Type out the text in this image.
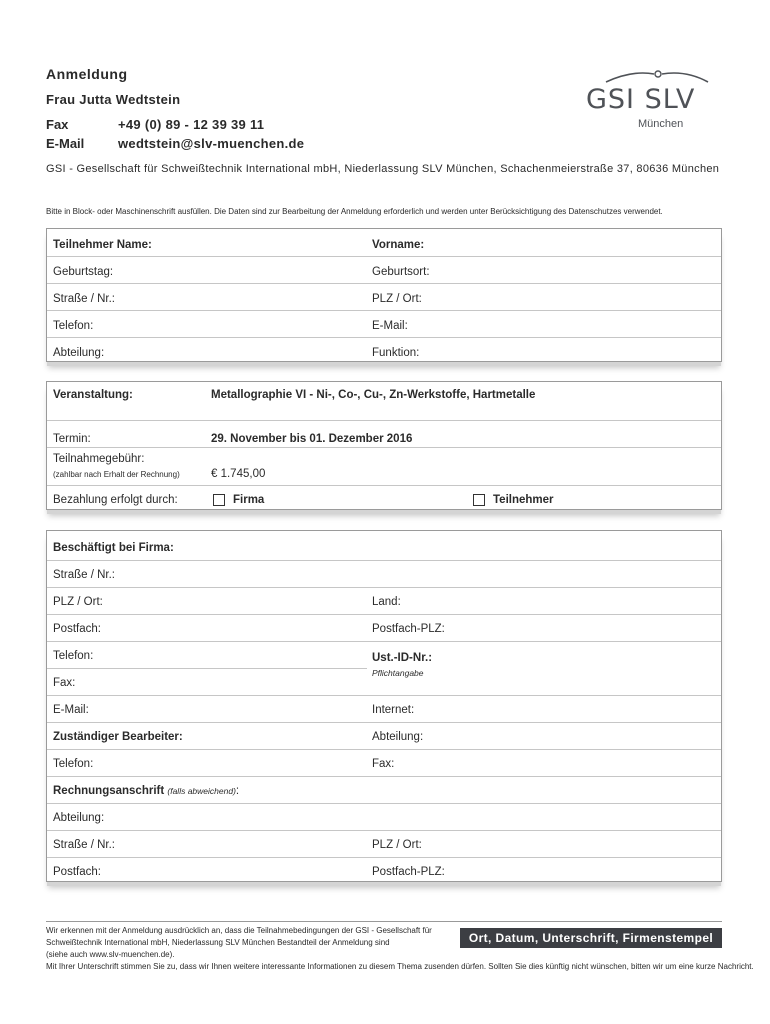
Anmeldung
Frau Jutta Wedtstein
Fax	+49 (0) 89 - 12 39 39 11
E-Mail	wedtstein@slv-muenchen.de
GSI - Gesellschaft für Schweißtechnik International mbH, Niederlassung SLV München, Schachenmeierstraße 37, 80636 München
Bitte in Block- oder Maschinenschrift ausfüllen. Die Daten sind zur Bearbeitung der Anmeldung erforderlich und werden unter Berücksichtigung des Datenschutzes verwendet.
GSI SLV
München
Teilnehmer Name:	Vorname:
Geburtstag:	Geburtsort:
Straße / Nr.:	PLZ / Ort:
Telefon:	E-Mail:
Abteilung:	Funktion:
Veranstaltung:	Metallographie VI - Ni-, Co-, Cu-, Zn-Werkstoffe, Hartmetalle
Termin:	29. November bis 01. Dezember 2016
Teilnahmegebühr:
(zahlbar nach Erhalt der Rechnung)	€ 1.745,00
Bezahlung erfolgt durch:	Firma	Teilnehmer
Beschäftigt bei Firma:
Straße / Nr.:
PLZ / Ort:	Land:
Postfach:	Postfach-PLZ:
Telefon:	Ust.-ID-Nr.:
Pflichtangabe
Fax:
E-Mail:	Internet:
Zuständiger Bearbeiter:	Abteilung:
Telefon:	Fax:
Rechnungsanschrift (falls abweichend):
Abteilung:
Straße / Nr.:	PLZ / Ort:
Postfach:	Postfach-PLZ:
Wir erkennen mit der Anmeldung ausdrücklich an, dass die Teilnahmebedingungen der GSI - Gesellschaft für
Schweißtechnik International mbH, Niederlassung SLV München Bestandteil der Anmeldung sind
(siehe auch www.slv-muenchen.de).
Mit Ihrer Unterschrift stimmen Sie zu, dass wir Ihnen weitere interessante Informationen zu diesem Thema zusenden dürfen. Sollten Sie dies künftig nicht wünschen, bitten wir um eine kurze Nachricht.
Ort, Datum, Unterschrift, Firmenstempel
